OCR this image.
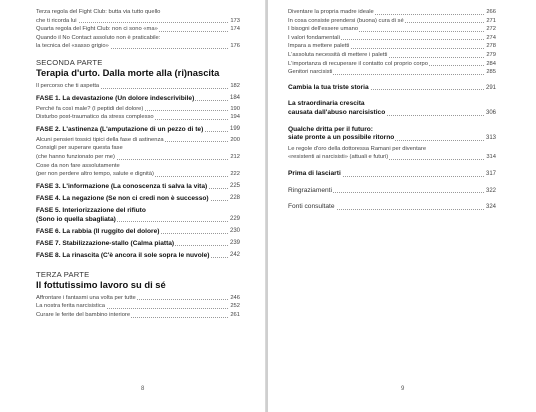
Terza regola del Fight Club: butta via tutto quello
che ti ricorda lui	173
Quarta regola del Fight Club: non ci sono «ma»	174
Quando il No Contact assoluto non è praticabile:
la tecnica del «sasso grigio»	176
SECONDA PARTE
Terapia d'urto. Dalla morte alla (ri)nascita
Il percorso che ti aspetta	182
FASE 1. La devastazione (Un dolore indescrivibile)	184
Perché fa così male? (I peptidi del dolore)	190
Disturbo post-traumatico da stress complesso	194
FASE 2. L'astinenza (L'amputazione di un pezzo di te)	199
Alcuni pensieri tossici tipici della fase di astinenza	200
Consigli per superare questa fase
(che hanno funzionato per me)	212
Cose da non fare assolutamente
(per non perdere altro tempo, salute e dignità)	222
FASE 3. L'informazione (La conoscenza ti salva la vita)	225
FASE 4. La negazione (Se non ci credi non è successo)	228
FASE 5. Interiorizzazione del rifiuto
(Sono io quella sbagliata)	229
FASE 6. La rabbia (Il ruggito del dolore)	230
FASE 7. Stabilizzazione-stallo (Calma piatta)	239
FASE 8. La rinascita (C'è ancora il sole sopra le nuvole)	242
TERZA PARTE
Il fottutissimo lavoro su di sé
Affrontare i fantasmi una volta per tutte	246
La nostra ferita narcisistica	252
Curare le ferite del bambino interiore	261
8
Diventare la propria madre ideale	266
In cosa consiste prendersi (buona) cura di sé	271
I bisogni dell'essere umano	272
I valori fondamentali	274
Impara a mettere paletti	278
L'assoluta necessità di mettere i paletti	279
L'importanza di recuperare il contatto col proprio corpo	284
Genitori narcisisti	285
Cambia la tua triste storia	291
La straordinaria crescita
causata dall'abuso narcisistico	306
Qualche dritta per il futuro:
siate pronte a un possibile ritorno	313
Le regole d'oro della dottoressa Ramani per diventare
«resistenti ai narcisisti» (attuali e futuri)	314
Prima di lasciarti	317
Ringraziamenti	322
Fonti consultate	324
9
